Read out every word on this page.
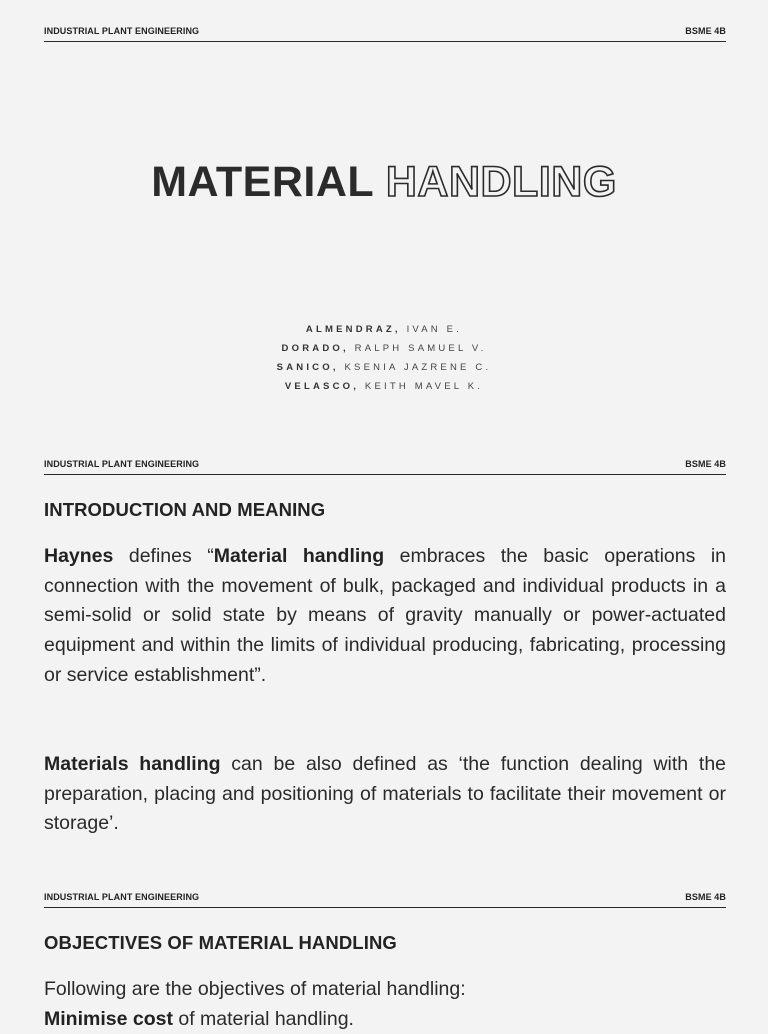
INDUSTRIAL PLANT ENGINEERING	BSME 4B
MATERIAL HANDLING
ALMENDRAZ, IVAN E.
DORADO, RALPH SAMUEL V.
SANICO, KSENIA JAZRENE C.
VELASCO, KEITH MAVEL K.
INDUSTRIAL PLANT ENGINEERING	BSME 4B
INTRODUCTION AND MEANING

Haynes defines “Material handling embraces the basic operations in connection with the movement of bulk, packaged and individual products in a semi-solid or solid state by means of gravity manually or power-actuated equipment and within the limits of individual producing, fabricating, processing or service establishment”.

Materials handling can be also defined as ‘the function dealing with the preparation, placing and positioning of materials to facilitate their movement or storage’.

INDUSTRIAL PLANT ENGINEERING	BSME 4B
OBJECTIVES OF MATERIAL HANDLING

Following are the objectives of material handling:
Minimise cost of material handling.
